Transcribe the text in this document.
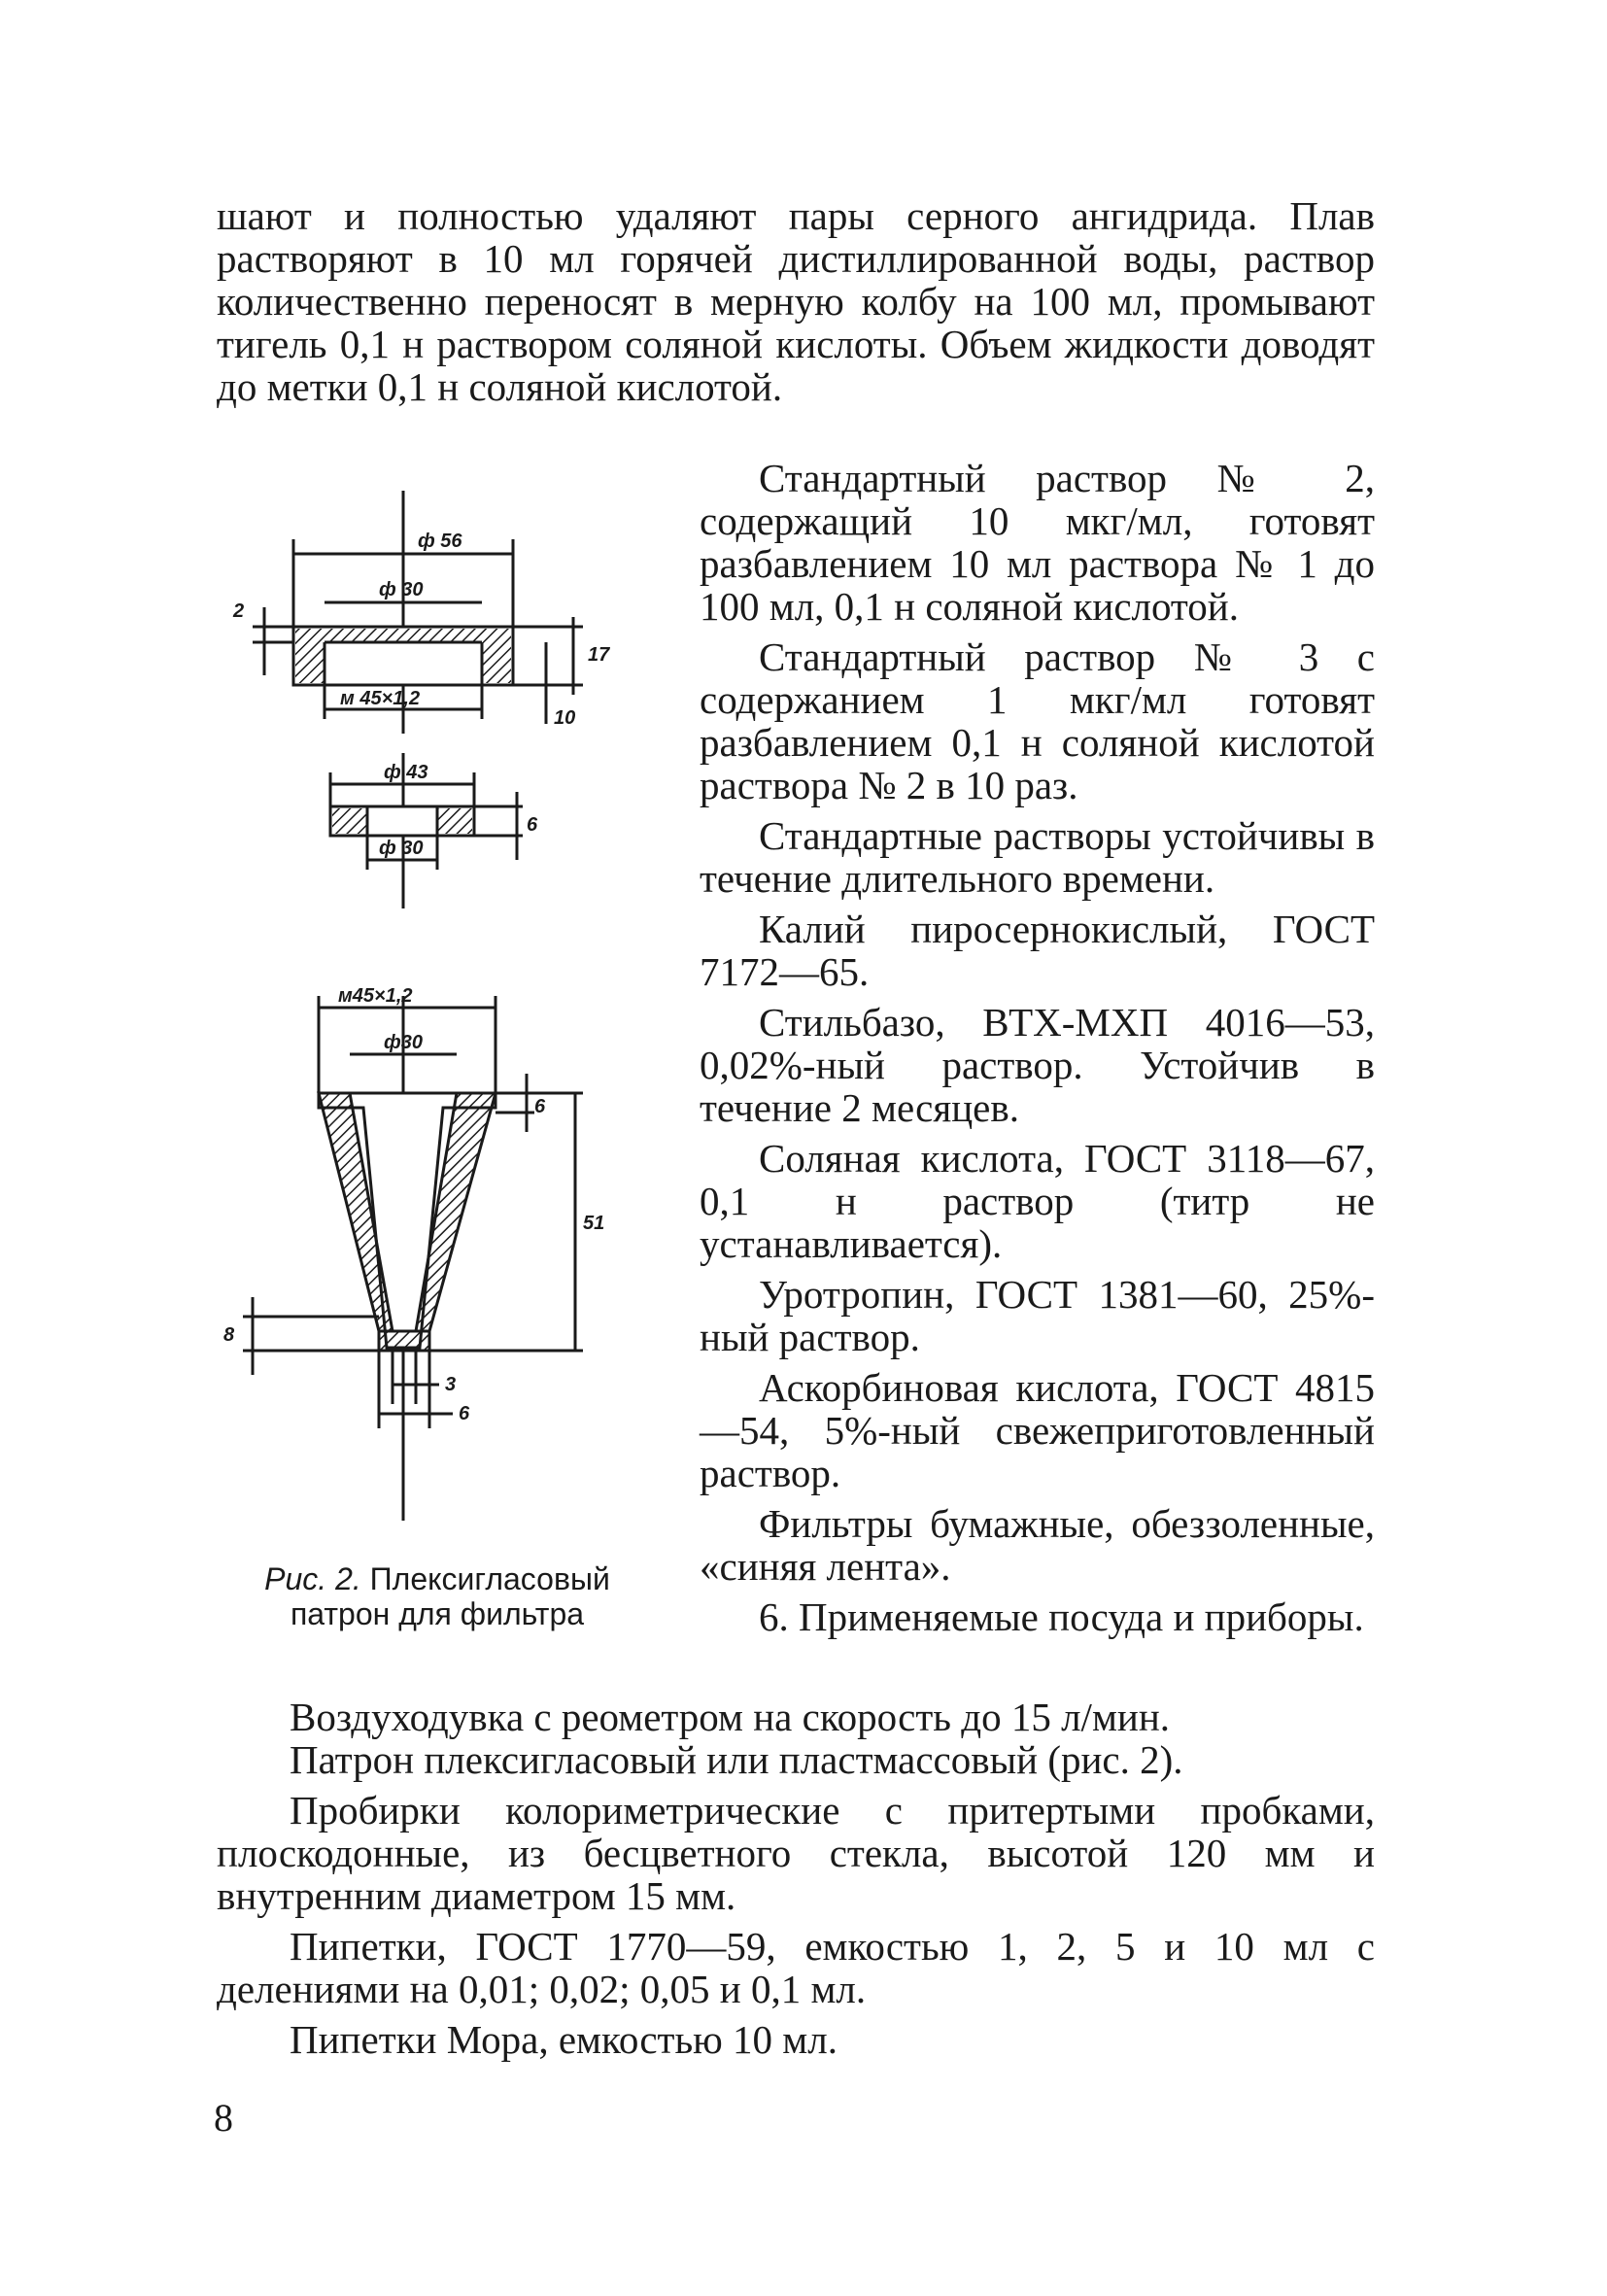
шают и полностью удаляют пары серного ангидрида. Плав растворяют в 10 мл горячей дистиллированной воды, раствор количественно переносят в мерную колбу на 100 мл, промывают тигель 0,1 н раствором соляной кислоты. Объем жидкости доводят до метки 0,1 н соляной кислотой.

ф 56
ф 30
м 45×1,2
2
17
10
ф 43
ф 30
6
м45×1,2
ф30
6
51
8
3
6
Рис. 2. Плексигласовый патрон для фильтра

Стандартный раствор № 2, содержащий 10 мкг/мл, готовят разбавлением 10 мл раствора № 1 до 100 мл, 0,1 н соляной кислотой.

Стандартный раствор № 3 с содержанием 1 мкг/мл готовят разбавлением 0,1 н соляной кислотой раствора № 2 в 10 раз.

Стандартные растворы устойчивы в течение длительного времени.

Калий пиросернокислый, ГОСТ 7172—65.

Стильбазо, ВТХ-МХП 4016—53, 0,02%-ный раствор. Устойчив в течение 2 месяцев.

Соляная кислота, ГОСТ 3118—67, 0,1 н раствор (титр не устанавливается).

Уротропин, ГОСТ 1381—60, 25%-ный раствор.

Аскорбиновая кислота, ГОСТ 4815—54, 5%-ный свежеприготовленный раствор.

Фильтры бумажные, обеззоленные, «синяя лента».

6. Применяемые посуда и приборы.

Воздуходувка с реометром на скорость до 15 л/мин.

Патрон плексигласовый или пластмассовый (рис. 2).

Пробирки колориметрические с притертыми пробками, плоскодонные, из бесцветного стекла, высотой 120 мм и внутренним диаметром 15 мм.

Пипетки, ГОСТ 1770—59, емкостью 1, 2, 5 и 10 мл с делениями на 0,01; 0,02; 0,05 и 0,1 мл.

Пипетки Мора, емкостью 10 мл.

8
